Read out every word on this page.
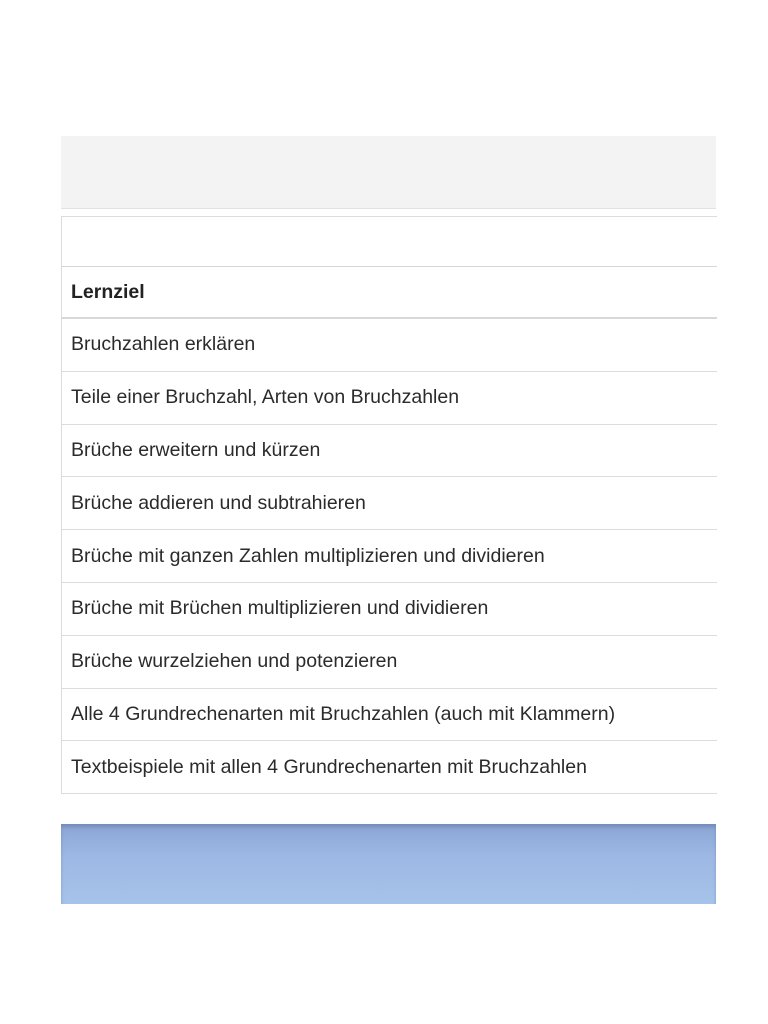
Lernziel
Bruchzahlen erklären
Teile einer Bruchzahl, Arten von Bruchzahlen
Brüche erweitern und kürzen
Brüche addieren und subtrahieren
Brüche mit ganzen Zahlen multiplizieren und dividieren
Brüche mit Brüchen multiplizieren und dividieren
Brüche wurzelziehen und potenzieren
Alle 4 Grundrechenarten mit Bruchzahlen (auch mit Klammern)
Textbeispiele mit allen 4 Grundrechenarten mit Bruchzahlen
